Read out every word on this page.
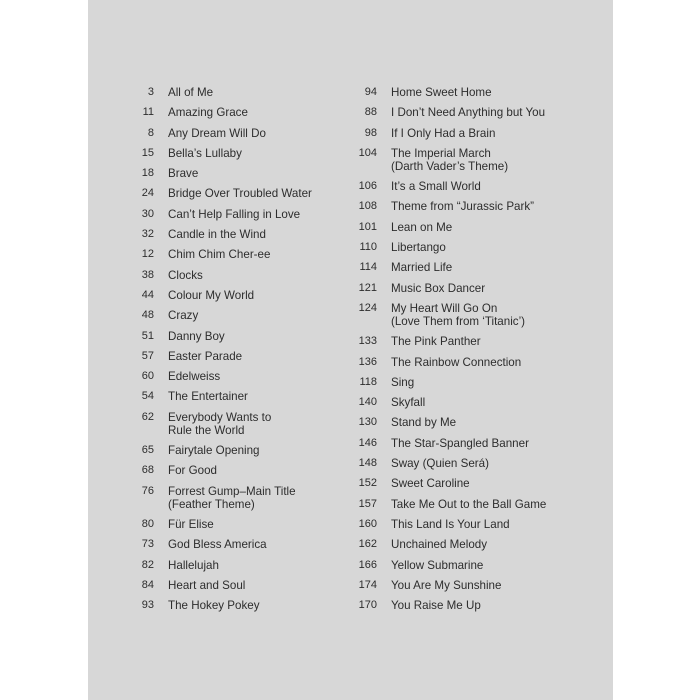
3 All of Me
11 Amazing Grace
8 Any Dream Will Do
15 Bella’s Lullaby
18 Brave
24 Bridge Over Troubled Water
30 Can’t Help Falling in Love
32 Candle in the Wind
12 Chim Chim Cher-ee
38 Clocks
44 Colour My World
48 Crazy
51 Danny Boy
57 Easter Parade
60 Edelweiss
54 The Entertainer
62 Everybody Wants to
Rule the World
65 Fairytale Opening
68 For Good
76 Forrest Gump–Main Title
(Feather Theme)
80 Für Elise
73 God Bless America
82 Hallelujah
84 Heart and Soul
93 The Hokey Pokey
94 Home Sweet Home
88 I Don’t Need Anything but You
98 If I Only Had a Brain
104 The Imperial March
(Darth Vader’s Theme)
106 It’s a Small World
108 Theme from “Jurassic Park”
101 Lean on Me
110 Libertango
114 Married Life
121 Music Box Dancer
124 My Heart Will Go On
(Love Them from ‘Titanic’)
133 The Pink Panther
136 The Rainbow Connection
118 Sing
140 Skyfall
130 Stand by Me
146 The Star-Spangled Banner
148 Sway (Quien Será)
152 Sweet Caroline
157 Take Me Out to the Ball Game
160 This Land Is Your Land
162 Unchained Melody
166 Yellow Submarine
174 You Are My Sunshine
170 You Raise Me Up
